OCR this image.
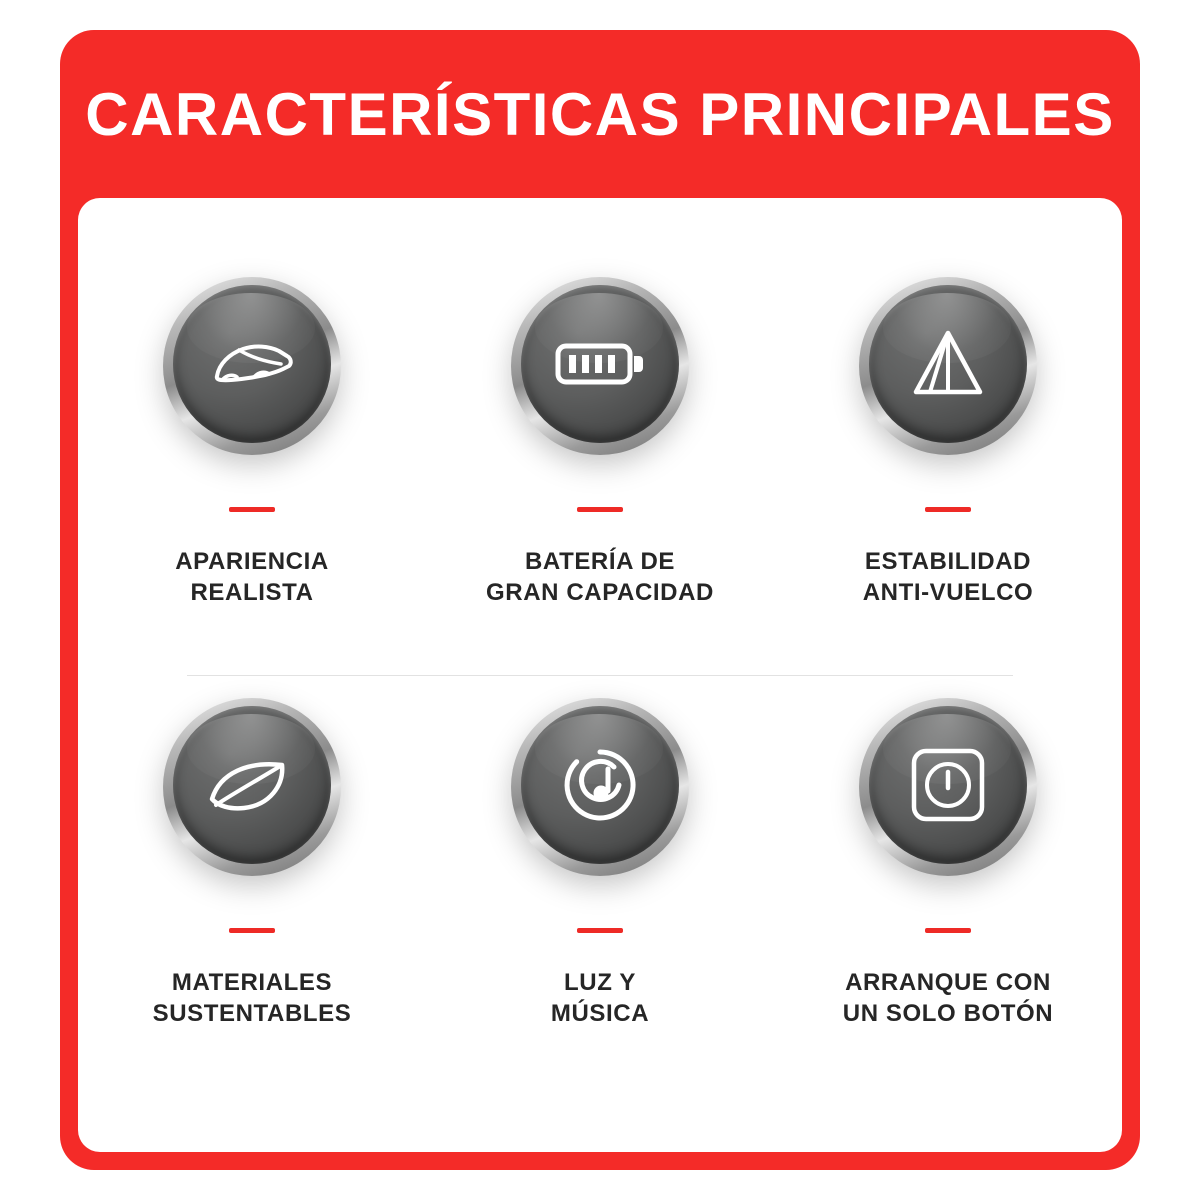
CARACTERÍSTICAS PRINCIPALES
APARIENCIA
REALISTA
BATERÍA DE
GRAN CAPACIDAD
ESTABILIDAD
ANTI-VUELCO
MATERIALES
SUSTENTABLES
LUZ Y
MÚSICA
ARRANQUE CON
UN SOLO BOTÓN
